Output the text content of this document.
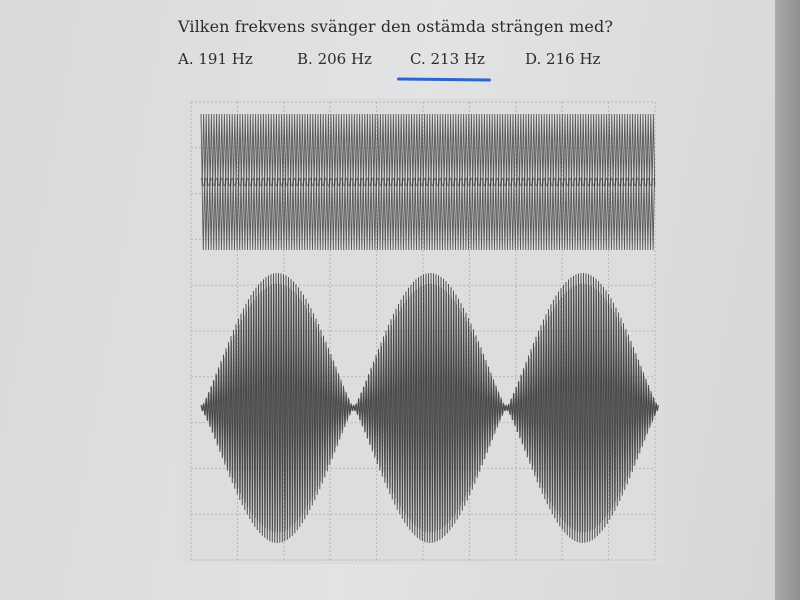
Vilken frekvens svänger den ostämda strängen med?
A. 191 Hz	B. 206 Hz	C. 213 Hz	D. 216 Hz
